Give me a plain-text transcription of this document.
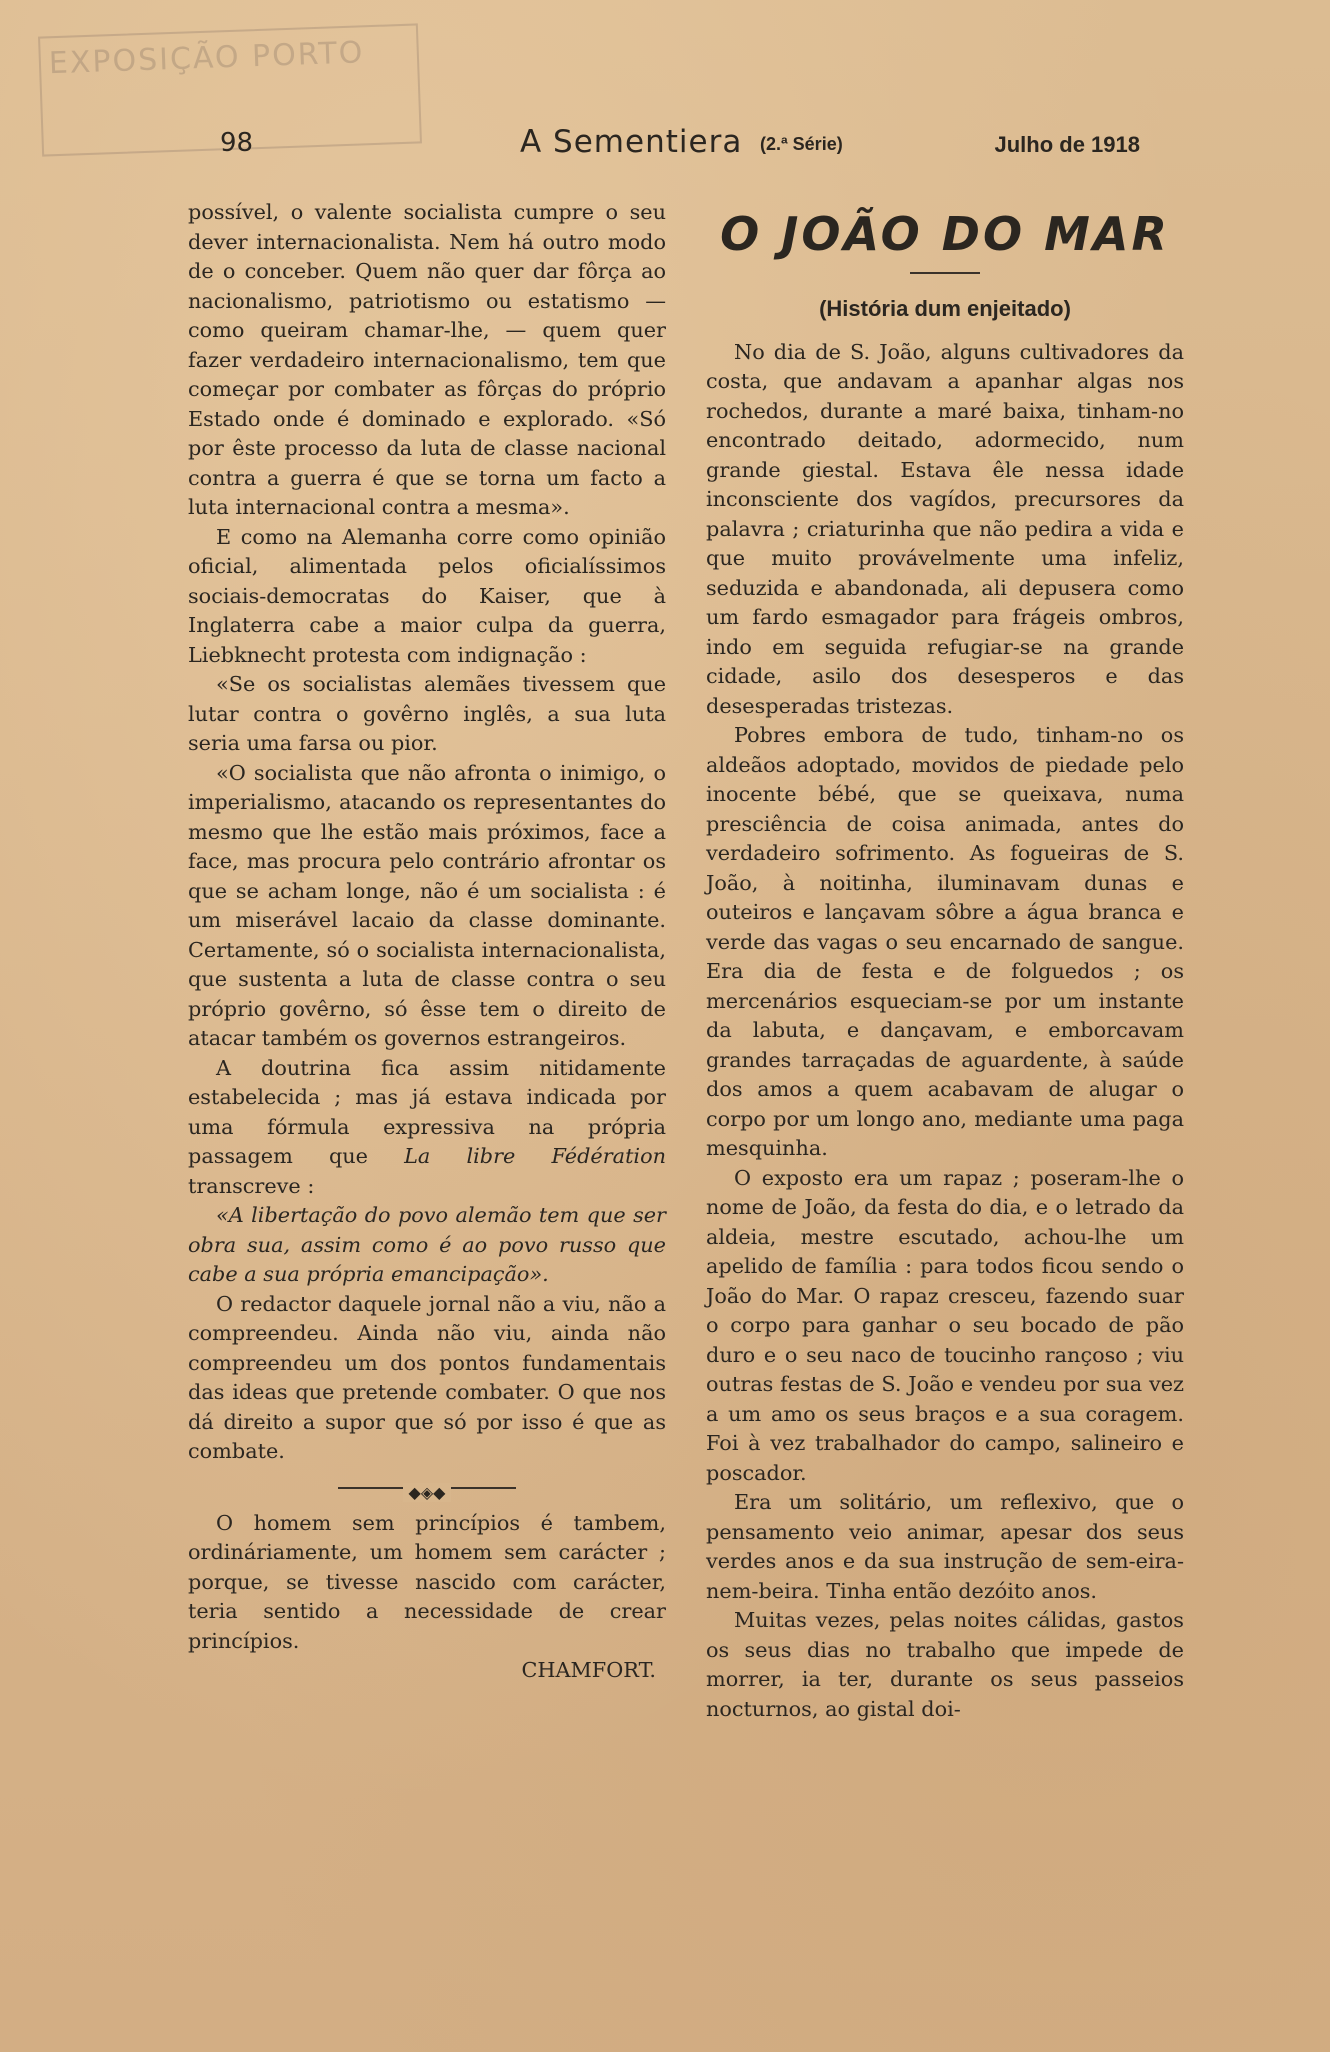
EXPOSIÇÃO PORTO
98	A Sementiera (2.ª Série)	Julho de 1918

possível, o valente socialista cumpre o seu dever internacionalista. Nem há outro modo de o conceber. Quem não quer dar fôrça ao nacionalismo, patriotismo ou estatismo — como queiram chamar-lhe, — quem quer fazer verdadeiro internacionalismo, tem que começar por combater as fôrças do próprio Estado onde é dominado e explorado. «Só por êste processo da luta de classe nacional contra a guerra é que se torna um facto a luta internacional contra a mesma».

E como na Alemanha corre como opinião oficial, alimentada pelos oficialíssimos sociais-democratas do Kaiser, que à Inglaterra cabe a maior culpa da guerra, Liebknecht protesta com indignação :

«Se os socialistas alemães tivessem que lutar contra o govêrno inglês, a sua luta seria uma farsa ou pior.

«O socialista que não afronta o inimigo, o imperialismo, atacando os representantes do mesmo que lhe estão mais próximos, face a face, mas procura pelo contrário afrontar os que se acham longe, não é um socialista : é um miserável lacaio da classe dominante. Certamente, só o socialista internacionalista, que sustenta a luta de classe contra o seu próprio govêrno, só êsse tem o direito de atacar também os governos estrangeiros.

A doutrina fica assim nitidamente estabelecida ; mas já estava indicada por uma fórmula expressiva na própria passagem que La libre Fédération transcreve :

«A libertação do povo alemão tem que ser obra sua, assim como é ao povo russo que cabe a sua própria emancipação».

O redactor daquele jornal não a viu, não a compreendeu. Ainda não viu, ainda não compreendeu um dos pontos fundamentais das ideas que pretende combater. O que nos dá direito a supor que só por isso é que as combate.

◆◈◆

O homem sem princípios é tambem, ordináriamente, um homem sem carácter ; porque, se tivesse nascido com carácter, teria sentido a necessidade de crear princípios.

CHAMFORT.

O JOÃO DO MAR
(História dum enjeitado)

No dia de S. João, alguns cultivadores da costa, que andavam a apanhar algas nos rochedos, durante a maré baixa, tinham-no encontrado deitado, adormecido, num grande giestal. Estava êle nessa idade inconsciente dos vagídos, precursores da palavra ; criaturinha que não pedira a vida e que muito provávelmente uma infeliz, seduzida e abandonada, ali depusera como um fardo esmagador para frágeis ombros, indo em seguida refugiar-se na grande cidade, asilo dos desesperos e das desesperadas tristezas.

Pobres embora de tudo, tinham-no os aldeãos adoptado, movidos de piedade pelo inocente bébé, que se queixava, numa presciência de coisa animada, antes do verdadeiro sofrimento. As fogueiras de S. João, à noitinha, iluminavam dunas e outeiros e lançavam sôbre a água branca e verde das vagas o seu encarnado de sangue. Era dia de festa e de folguedos ; os mercenários esqueciam-se por um instante da labuta, e dançavam, e emborcavam grandes tarraçadas de aguardente, à saúde dos amos a quem acabavam de alugar o corpo por um longo ano, mediante uma paga mesquinha.

O exposto era um rapaz ; poseram-lhe o nome de João, da festa do dia, e o letrado da aldeia, mestre escutado, achou-lhe um apelido de família : para todos ficou sendo o João do Mar. O rapaz cresceu, fazendo suar o corpo para ganhar o seu bocado de pão duro e o seu naco de toucinho rançoso ; viu outras festas de S. João e vendeu por sua vez a um amo os seus braços e a sua coragem. Foi à vez trabalhador do campo, salineiro e poscador.

Era um solitário, um reflexivo, que o pensamento veio animar, apesar dos seus verdes anos e da sua instrução de sem-eira-nem-beira. Tinha então dezóito anos.

Muitas vezes, pelas noites cálidas, gastos os seus dias no trabalho que impede de morrer, ia ter, durante os seus passeios nocturnos, ao gistal doi-
